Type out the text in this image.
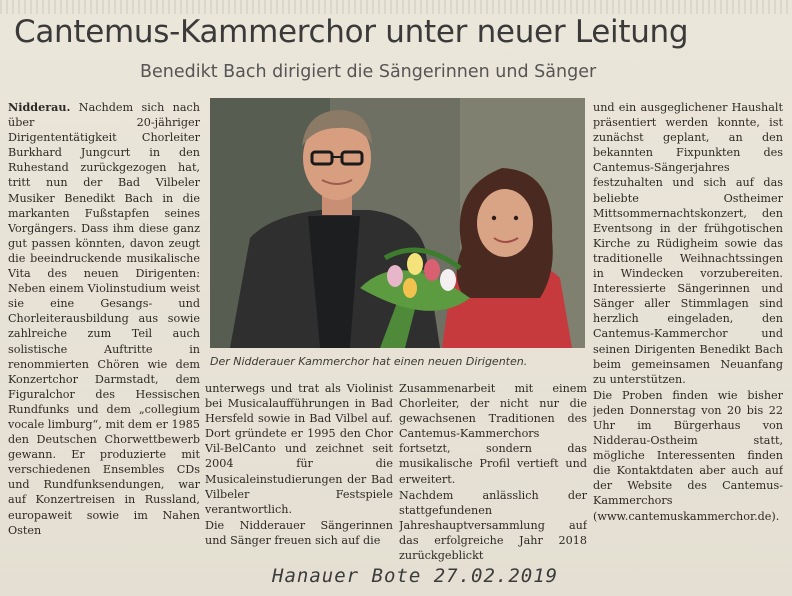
Cantemus-Kammerchor unter neuer Leitung
Benedikt Bach dirigiert die Sängerinnen und Sänger

Nidderau. Nachdem sich nach über 20-jähriger Dirigententätigkeit Chorleiter Burkhard Jungcurt in den Ruhestand zurückgezogen hat, tritt nun der Bad Vilbeler Musiker Benedikt Bach in die markanten Fußstapfen seines Vorgängers. Dass ihm diese ganz gut passen könnten, davon zeugt die beeindruckende musikalische Vita des neuen Dirigenten: Neben einem Violinstudium weist sie eine Gesangs- und Chorleiterausbildung aus sowie zahlreiche zum Teil auch solistische Auftritte in renommierten Chören wie dem Konzertchor Darmstadt, dem Figuralchor des Hessischen Rundfunks und dem „collegium vocale limburg“, mit dem er 1985 den Deutschen Chorwettbewerb gewann. Er produzierte mit verschiedenen Ensembles CDs und Rundfunksendungen, war auf Konzertreisen in Russland, europaweit sowie im Nahen Osten

Der Nidderauer Kammerchor hat einen neuen Dirigenten.

unterwegs und trat als Violinist bei Musicalaufführungen in Bad Hersfeld sowie in Bad Vilbel auf. Dort gründete er 1995 den Chor Vil-BelCanto und zeichnet seit 2004 für die Musicaleinstudierungen der Bad Vilbeler Festspiele verantwortlich.

Die Nidderauer Sängerinnen und Sänger freuen sich auf die

Zusammenarbeit mit einem Chorleiter, der nicht nur die gewachsenen Traditionen des Cantemus-Kammerchors fortsetzt, sondern das musikalische Profil vertieft und erweitert.

Nachdem anlässlich der stattgefundenen Jahreshauptversammlung auf das erfolgreiche Jahr 2018 zurückgeblickt

und ein ausgeglichener Haushalt präsentiert werden konnte, ist zunächst geplant, an den bekannten Fixpunkten des Cantemus-Sängerjahres festzuhalten und sich auf das beliebte Ostheimer Mittsommernachtskonzert, den Eventsong in der frühgotischen Kirche zu Rüdigheim sowie das traditionelle Weihnachtssingen in Windecken vorzubereiten. Interessierte Sängerinnen und Sänger aller Stimmlagen sind herzlich eingeladen, den Cantemus-Kammerchor und seinen Dirigenten Benedikt Bach beim gemeinsamen Neuanfang zu unterstützen.

Die Proben finden wie bisher jeden Donnerstag von 20 bis 22 Uhr im Bürgerhaus von Nidderau-Ostheim statt, mögliche Interessenten finden die Kontaktdaten aber auch auf der Website des Cantemus-Kammerchors (www.cantemuskammerchor.de).

Hanauer Bote 27.02.2019
